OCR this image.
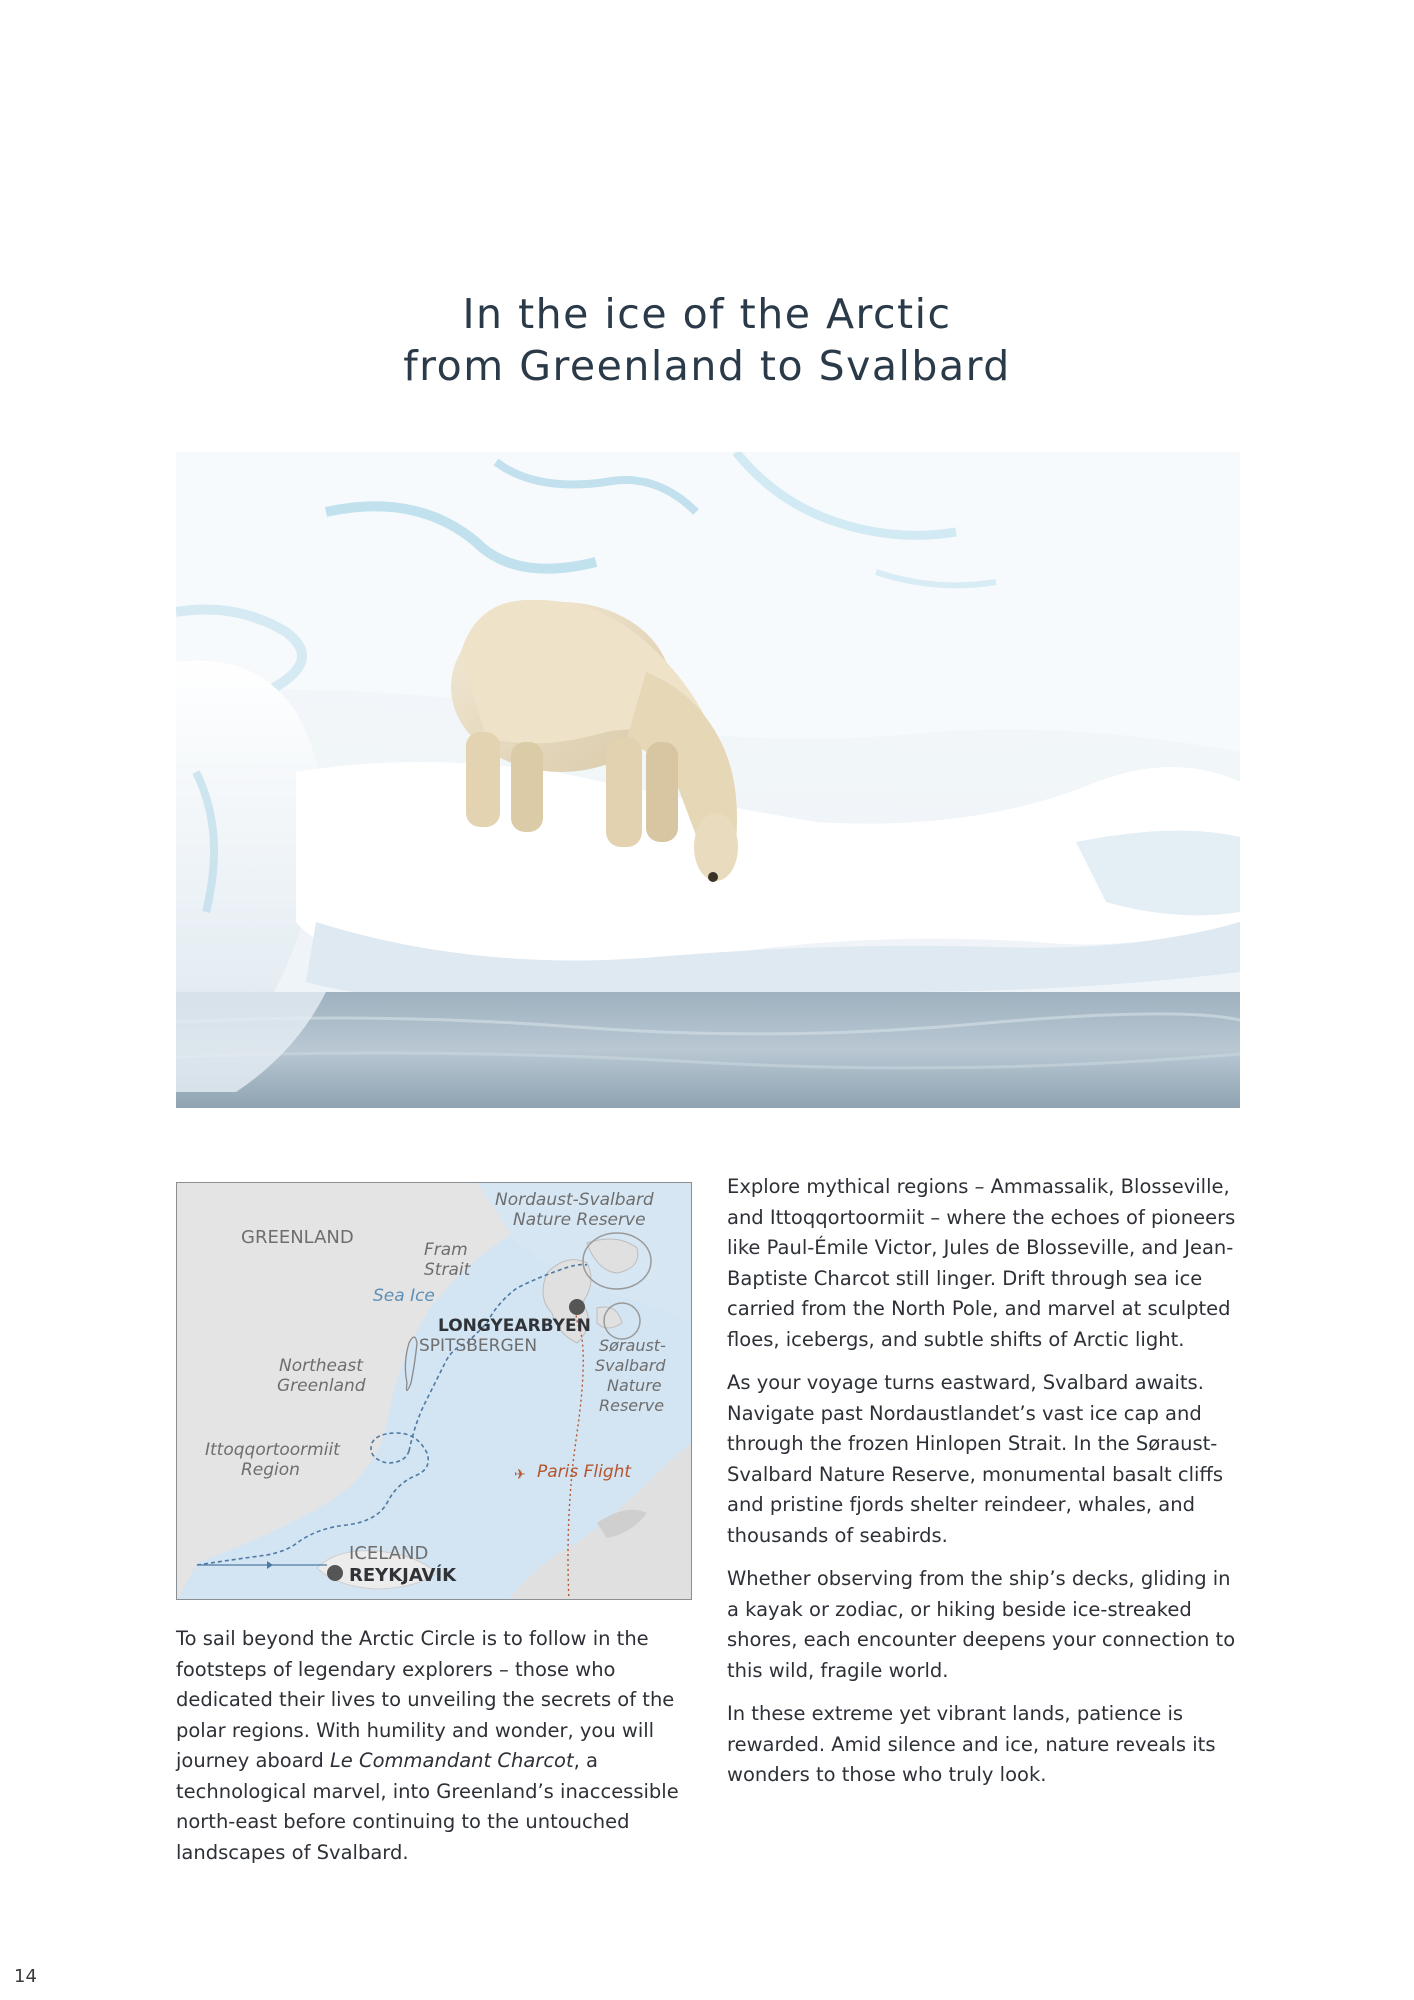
In the ice of the Arctic
from Greenland to Svalbard
✈
GREENLAND
Fram
Strait
Sea Ice
Nordaust-Svalbard
Nature Reserve
LONGYEARBYEN
SPITSBERGEN	Søraust-
Svalbard
Nature
Reserve
Northeast
Greenland
Ittoqqortoormiit
Region	Paris Flight
ICELAND
REYKJAVÍK

To sail beyond the Arctic Circle is to follow in the footsteps of legendary explorers – those who dedicated their lives to unveiling the secrets of the polar regions. With humility and wonder, you will journey aboard Le Commandant Charcot, a technological marvel, into Greenland’s inaccessible north-east before continuing to the untouched landscapes of Svalbard.

Explore mythical regions – Ammassalik, Blosseville, and Ittoqqortoormiit – where the echoes of pioneers like Paul-Émile Victor, Jules de Blosseville, and Jean-Baptiste Charcot still linger. Drift through sea ice carried from the North Pole, and marvel at sculpted floes, icebergs, and subtle shifts of Arctic light.

As your voyage turns eastward, Svalbard awaits. Navigate past Nordaustlandet’s vast ice cap and through the frozen Hinlopen Strait. In the Søraust-Svalbard Nature Reserve, monumental basalt cliffs and pristine fjords shelter reindeer, whales, and thousands of seabirds.

Whether observing from the ship’s decks, gliding in a kayak or zodiac, or hiking beside ice-streaked shores, each encounter deepens your connection to this wild, fragile world.

In these extreme yet vibrant lands, patience is rewarded. Amid silence and ice, nature reveals its wonders to those who truly look.

14
